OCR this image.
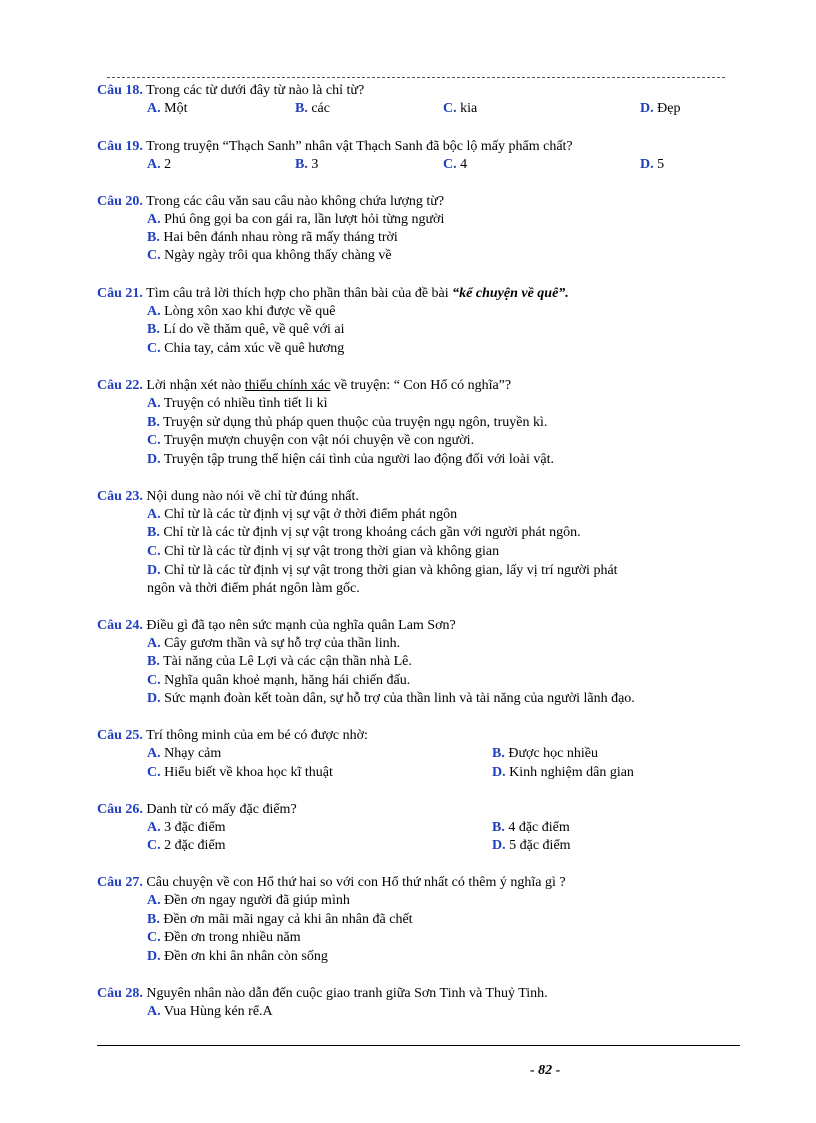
Câu 18. Trong các từ dưới đây từ nào là chỉ từ?
A. Một	B. các	C. kia	D. Đẹp
Câu 19. Trong truyện “Thạch Sanh” nhân vật Thạch Sanh đã bộc lộ mấy phẩm chất?
A. 2	B. 3	C. 4	D. 5
Câu 20. Trong các câu văn sau câu nào không chứa lượng từ?
A. Phú ông gọi ba con gái ra, lần lượt hỏi từng người
B. Hai bên đánh nhau ròng rã mấy tháng trời
C. Ngày ngày trôi qua không thấy chàng về
Câu 21. Tìm câu trả lời thích hợp cho phần thân bài của đề bài “kể chuyện về quê”.
A. Lòng xôn xao khi được về quê
B. Lí do về thăm quê, về quê với ai
C. Chia tay, cảm xúc về quê hương
Câu 22. Lời nhận xét nào thiếu chính xác về truyện: “ Con Hổ có nghĩa”?
A. Truyện có nhiều tình tiết li kì
B. Truyện sử dụng thủ pháp quen thuộc của truyện ngụ ngôn, truyền kì.
C. Truyện mượn chuyện con vật nói chuyện về con người.
D. Truyện tập trung thể hiện cái tình của người lao động đối với loài vật.
Câu 23. Nội dung nào nói về chỉ từ đúng nhất.
A. Chỉ từ là các từ định vị sự vật ở thời điểm phát ngôn
B. Chỉ từ là các từ định vị sự vật trong khoảng cách gần với người phát ngôn.
C. Chỉ từ là các từ định vị sự vật trong thời gian và không gian
D. Chỉ từ là các từ định vị sự vật trong thời gian và không gian, lấy vị trí người phát
ngôn và thời điểm phát ngôn làm gốc.
Câu 24. Điều gì đã tạo nên sức mạnh của nghĩa quân Lam Sơn?
A. Cây gươm thần và sự hỗ trợ của thần linh.
B. Tài năng của Lê Lợi và các cận thần nhà Lê.
C. Nghĩa quân khoẻ mạnh, hăng hái chiến đấu.
D. Sức mạnh đoàn kết toàn dân, sự hỗ trợ của thần linh và tài năng của người lãnh đạo.
Câu 25. Trí thông minh của em bé có được nhờ:
A. Nhạy cảm	B. Được học nhiều
C. Hiểu biết về khoa học kĩ thuật	D. Kinh nghiệm dân gian
Câu 26. Danh từ có mấy đặc điểm?
A. 3 đặc điểm	B. 4 đặc điểm
C. 2 đặc điểm	D. 5 đặc điểm
Câu 27. Câu chuyện về con Hổ thứ hai so với con Hổ thứ nhất có thêm ý nghĩa gì ?
A. Đền ơn ngay người đã giúp mình
B. Đền ơn mãi mãi ngay cả khi ân nhân đã chết
C. Đền ơn trong nhiều năm
D. Đền ơn khi ân nhân còn sống
Câu 28. Nguyên nhân nào dẫn đến cuộc giao tranh giữa Sơn Tinh và Thuỷ Tinh.
A. Vua Hùng kén rể.A
- 82 -
